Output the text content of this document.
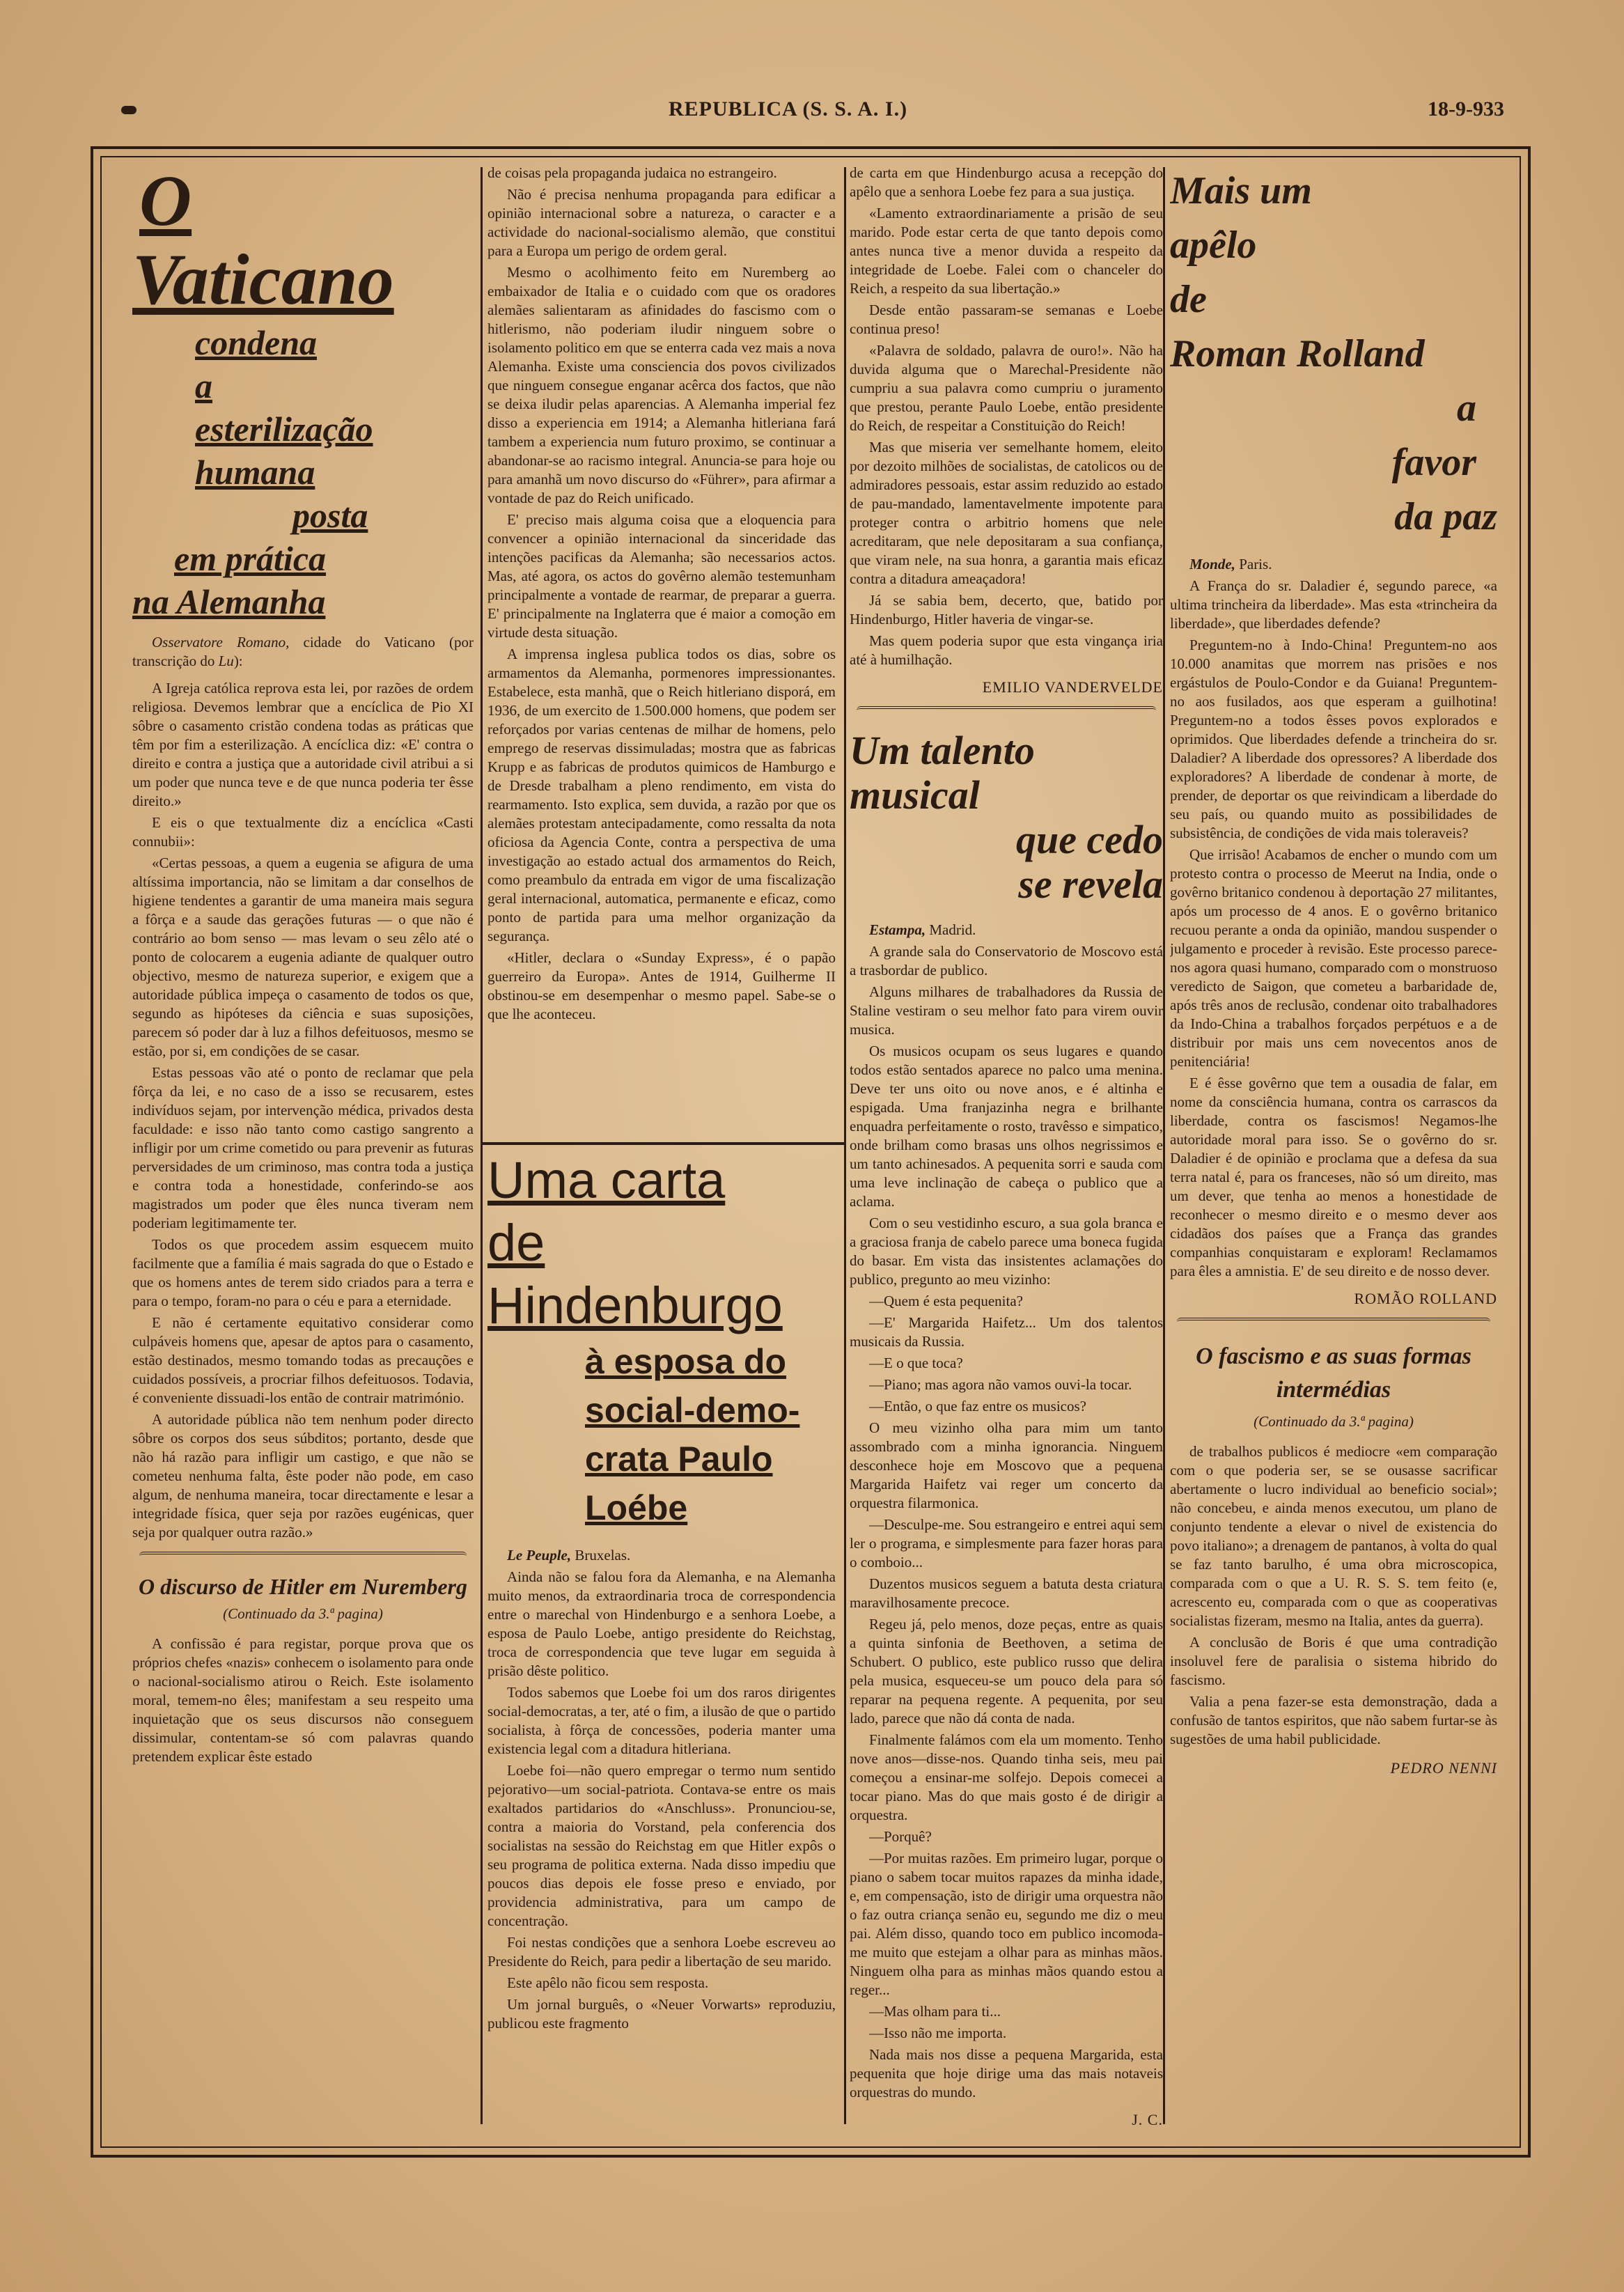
REPUBLICA (S. S. A. I.)	18-9-933
O
Vaticano
condena
a
esterilização
humana
posta
em prática
na Alemanha

Osservatore Romano, cidade do Vaticano (por transcrição do Lu):

A Igreja católica reprova esta lei, por razões de ordem religiosa. Devemos lembrar que a encíclica de Pio XI sôbre o casamento cristão condena todas as práticas que têm por fim a esterilização. A encíclica diz: «E' contra o direito e contra a justiça que a autoridade civil atribui a si um poder que nunca teve e de que nunca poderia ter êsse direito.»

E eis o que textualmente diz a encíclica «Casti connubii»:

«Certas pessoas, a quem a eugenia se afigura de uma altíssima importancia, não se limitam a dar conselhos de higiene tendentes a garantir de uma maneira mais segura a fôrça e a saude das gerações futuras — o que não é contrário ao bom senso — mas levam o seu zêlo até o ponto de colocarem a eugenia adiante de qualquer outro objectivo, mesmo de natureza superior, e exigem que a autoridade pública impeça o casamento de todos os que, segundo as hipóteses da ciência e suas suposições, parecem só poder dar à luz a filhos defeituosos, mesmo se estão, por si, em condições de se casar.

Estas pessoas vão até o ponto de reclamar que pela fôrça da lei, e no caso de a isso se recusarem, estes indivíduos sejam, por intervenção médica, privados desta faculdade: e isso não tanto como castigo sangrento a infligir por um crime cometido ou para prevenir as futuras perversidades de um criminoso, mas contra toda a justiça e contra toda a honestidade, conferindo-se aos magistrados um poder que êles nunca tiveram nem poderiam legitimamente ter.

Todos os que procedem assim esquecem muito facilmente que a família é mais sagrada do que o Estado e que os homens antes de terem sido criados para a terra e para o tempo, foram-no para o céu e para a eternidade.

E não é certamente equitativo considerar como culpáveis homens que, apesar de aptos para o casamento, estão destinados, mesmo tomando todas as precauções e cuidados possíveis, a procriar filhos defeituosos. Todavia, é conveniente dissuadi-los então de contrair matrimónio.

A autoridade pública não tem nenhum poder directo sôbre os corpos dos seus súbditos; portanto, desde que não há razão para infligir um castigo, e que não se cometeu nenhuma falta, êste poder não pode, em caso algum, de nenhuma maneira, tocar directamente e lesar a integridade física, quer seja por razões eugénicas, quer seja por qualquer outra razão.»

O discurso de Hitler em Nuremberg
(Continuado da 3.ª pagina)

A confissão é para registar, porque prova que os próprios chefes «nazis» conhecem o isolamento para onde o nacional-socialismo atirou o Reich. Este isolamento moral, temem-no êles; manifestam a seu respeito uma inquietação que os seus discursos não conseguem dissimular, contentam-se só com palavras quando pretendem explicar êste estado

de coisas pela propaganda judaica no estrangeiro.

Não é precisa nenhuma propaganda para edificar a opinião internacional sobre a natureza, o caracter e a actividade do nacional-socialismo alemão, que constitui para a Europa um perigo de ordem geral.

Mesmo o acolhimento feito em Nuremberg ao embaixador de Italia e o cuidado com que os oradores alemães salientaram as afinidades do fascismo com o hitlerismo, não poderiam iludir ninguem sobre o isolamento politico em que se enterra cada vez mais a nova Alemanha. Existe uma consciencia dos povos civilizados que ninguem consegue enganar acêrca dos factos, que não se deixa iludir pelas aparencias. A Alemanha imperial fez disso a experiencia em 1914; a Alemanha hitleriana fará tambem a experiencia num futuro proximo, se continuar a abandonar-se ao racismo integral. Anuncia-se para hoje ou para amanhã um novo discurso do «Führer», para afirmar a vontade de paz do Reich unificado.

E' preciso mais alguma coisa que a eloquencia para convencer a opinião internacional da sinceridade das intenções pacificas da Alemanha; são necessarios actos. Mas, até agora, os actos do govêrno alemão testemunham principalmente a vontade de rearmar, de preparar a guerra. E' principalmente na Inglaterra que é maior a comoção em virtude desta situação.

A imprensa inglesa publica todos os dias, sobre os armamentos da Alemanha, pormenores impressionantes. Estabelece, esta manhã, que o Reich hitleriano disporá, em 1936, de um exercito de 1.500.000 homens, que podem ser reforçados por varias centenas de milhar de homens, pelo emprego de reservas dissimuladas; mostra que as fabricas Krupp e as fabricas de produtos quimicos de Hamburgo e de Dresde trabalham a pleno rendimento, em vista do rearmamento. Isto explica, sem duvida, a razão por que os alemães protestam antecipadamente, como ressalta da nota oficiosa da Agencia Conte, contra a perspectiva de uma investigação ao estado actual dos armamentos do Reich, como preambulo da entrada em vigor de uma fiscalização geral internacional, automatica, permanente e eficaz, como ponto de partida para uma melhor organização da segurança.

«Hitler, declara o «Sunday Express», é o papão guerreiro da Europa». Antes de 1914, Guilherme II obstinou-se em desempenhar o mesmo papel. Sabe-se o que lhe aconteceu.

Uma carta
de
Hindenburgo
à esposa do
social-demo-
crata Paulo
Loébe

Le Peuple, Bruxelas.

Ainda não se falou fora da Alemanha, e na Alemanha muito menos, da extraordinaria troca de correspondencia entre o marechal von Hindenburgo e a senhora Loebe, a esposa de Paulo Loebe, antigo presidente do Reichstag, troca de correspondencia que teve lugar em seguida à prisão dêste politico.

Todos sabemos que Loebe foi um dos raros dirigentes social-democratas, a ter, até o fim, a ilusão de que o partido socialista, à fôrça de concessões, poderia manter uma existencia legal com a ditadura hitleriana.

Loebe foi—não quero empregar o termo num sentido pejorativo—um social-patriota. Contava-se entre os mais exaltados partidarios do «Anschluss». Pronunciou-se, contra a maioria do Vorstand, pela conferencia dos socialistas na sessão do Reichstag em que Hitler expôs o seu programa de politica externa. Nada disso impediu que poucos dias depois ele fosse preso e enviado, por providencia administrativa, para um campo de concentração.

Foi nestas condições que a senhora Loebe escreveu ao Presidente do Reich, para pedir a libertação de seu marido.

Este apêlo não ficou sem resposta.

Um jornal burguês, o «Neuer Vorwarts» reproduziu, publicou este fragmento

de carta em que Hindenburgo acusa a recepção do apêlo que a senhora Loebe fez para a sua justiça.

«Lamento extraordinariamente a prisão de seu marido. Pode estar certa de que tanto depois como antes nunca tive a menor duvida a respeito da integridade de Loebe. Falei com o chanceler do Reich, a respeito da sua libertação.»

Desde então passaram-se semanas e Loebe continua preso!

«Palavra de soldado, palavra de ouro!». Não ha duvida alguma que o Marechal-Presidente não cumpriu a sua palavra como cumpriu o juramento que prestou, perante Paulo Loebe, então presidente do Reich, de respeitar a Constituição do Reich!

Mas que miseria ver semelhante homem, eleito por dezoito milhões de socialistas, de catolicos ou de admiradores pessoais, estar assim reduzido ao estado de pau-mandado, lamentavelmente impotente para proteger contra o arbitrio homens que nele acreditaram, que nele depositaram a sua confiança, que viram nele, na sua honra, a garantia mais eficaz contra a ditadura ameaçadora!

Já se sabia bem, decerto, que, batido por Hindenburgo, Hitler haveria de vingar-se.

Mas quem poderia supor que esta vingança iria até à humilhação.

EMILIO VANDERVELDE
Um talento
musical
que cedo
se revela

Estampa, Madrid.

A grande sala do Conservatorio de Moscovo está a trasbordar de publico.

Alguns milhares de trabalhadores da Russia de Staline vestiram o seu melhor fato para virem ouvir musica.

Os musicos ocupam os seus lugares e quando todos estão sentados aparece no palco uma menina. Deve ter uns oito ou nove anos, e é altinha e espigada. Uma franjazinha negra e brilhante enquadra perfeitamente o rosto, travêsso e simpatico, onde brilham como brasas uns olhos negrissimos e um tanto achinesados. A pequenita sorri e sauda com uma leve inclinação de cabeça o publico que a aclama.

Com o seu vestidinho escuro, a sua gola branca e a graciosa franja de cabelo parece uma boneca fugida do basar. Em vista das insistentes aclamações do publico, pregunto ao meu vizinho:

—Quem é esta pequenita?

—E' Margarida Haifetz... Um dos talentos musicais da Russia.

—E o que toca?

—Piano; mas agora não vamos ouvi-la tocar.

—Então, o que faz entre os musicos?

O meu vizinho olha para mim um tanto assombrado com a minha ignorancia. Ninguem desconhece hoje em Moscovo que a pequena Margarida Haifetz vai reger um concerto da orquestra filarmonica.

—Desculpe-me. Sou estrangeiro e entrei aqui sem ler o programa, e simplesmente para fazer horas para o comboio...

Duzentos musicos seguem a batuta desta criatura maravilhosamente precoce.

Regeu já, pelo menos, doze peças, entre as quais a quinta sinfonia de Beethoven, a setima de Schubert. O publico, este publico russo que delira pela musica, esqueceu-se um pouco dela para só reparar na pequena regente. A pequenita, por seu lado, parece que não dá conta de nada.

Finalmente falámos com ela um momento. Tenho nove anos—disse-nos. Quando tinha seis, meu pai começou a ensinar-me solfejo. Depois comecei a tocar piano. Mas do que mais gosto é de dirigir a orquestra.

—Porquê?

—Por muitas razões. Em primeiro lugar, porque o piano o sabem tocar muitos rapazes da minha idade, e, em compensação, isto de dirigir uma orquestra não o faz outra criança senão eu, segundo me diz o meu pai. Além disso, quando toco em publico incomoda-me muito que estejam a olhar para as minhas mãos. Ninguem olha para as minhas mãos quando estou a reger...

—Mas olham para ti...

—Isso não me importa.

Nada mais nos disse a pequena Margarida, esta pequenita que hoje dirige uma das mais notaveis orquestras do mundo.

J. C.
Mais um
apêlo
de
Roman Rolland
a
favor
da paz

Monde, Paris.

A França do sr. Daladier é, segundo parece, «a ultima trincheira da liberdade». Mas esta «trincheira da liberdade», que liberdades defende?

Preguntem-no à Indo-China! Preguntem-no aos 10.000 anamitas que morrem nas prisões e nos ergástulos de Poulo-Condor e da Guiana! Preguntem-no aos fusilados, aos que esperam a guilhotina! Preguntem-no a todos êsses povos explorados e oprimidos. Que liberdades defende a trincheira do sr. Daladier? A liberdade dos opressores? A liberdade dos exploradores? A liberdade de condenar à morte, de prender, de deportar os que reivindicam a liberdade do seu país, ou quando muito as possibilidades de subsistência, de condições de vida mais toleraveis?

Que irrisão! Acabamos de encher o mundo com um protesto contra o processo de Meerut na India, onde o govêrno britanico condenou à deportação 27 militantes, após um processo de 4 anos. E o govêrno britanico recuou perante a onda da opinião, mandou suspender o julgamento e proceder à revisão. Este processo parece-nos agora quasi humano, comparado com o monstruoso veredicto de Saigon, que cometeu a barbaridade de, após três anos de reclusão, condenar oito trabalhadores da Indo-China a trabalhos forçados perpétuos e a de distribuir por mais uns cem novecentos anos de penitenciária!

E é êsse govêrno que tem a ousadia de falar, em nome da consciência humana, contra os carrascos da liberdade, contra os fascismos! Negamos-lhe autoridade moral para isso. Se o govêrno do sr. Daladier é de opinião e proclama que a defesa da sua terra natal é, para os franceses, não só um direito, mas um dever, que tenha ao menos a honestidade de reconhecer o mesmo direito e o mesmo dever aos cidadãos dos países que a França das grandes companhias conquistaram e exploram! Reclamamos para êles a amnistia. E' de seu direito e de nosso dever.

ROMÃO ROLLAND
O fascismo e as suas formas intermédias
(Continuado da 3.ª pagina)

de trabalhos publicos é mediocre «em comparação com o que poderia ser, se se ousasse sacrificar abertamente o lucro individual ao beneficio social»; não concebeu, e ainda menos executou, um plano de conjunto tendente a elevar o nivel de existencia do povo italiano»; a drenagem de pantanos, à volta do qual se faz tanto barulho, é uma obra microscopica, comparada com o que a U. R. S. S. tem feito (e, acrescento eu, comparada com o que as cooperativas socialistas fizeram, mesmo na Italia, antes da guerra).

A conclusão de Boris é que uma contradição insoluvel fere de paralisia o sistema hibrido do fascismo.

Valia a pena fazer-se esta demonstração, dada a confusão de tantos espiritos, que não sabem furtar-se às sugestões de uma habil publicidade.

PEDRO NENNI
